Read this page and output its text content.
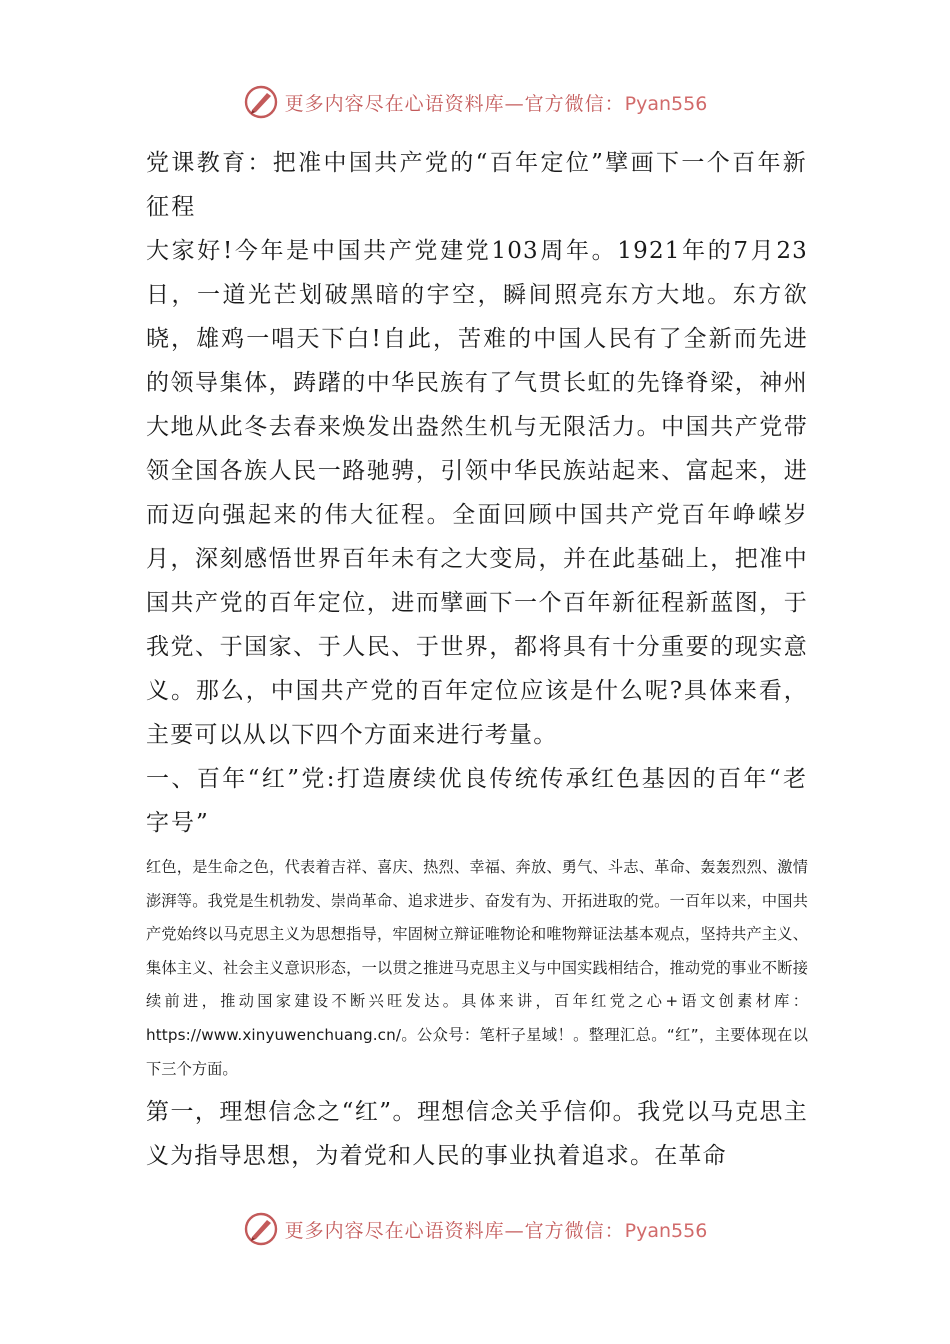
更多内容尽在心语资料库—官方微信：Pyan556

党课教育：把准中国共产党的“百年定位”擘画下一个百年新征程

大家好!今年是中国共产党建党103周年。1921年的7月23日，一道光芒划破黑暗的宇空，瞬间照亮东方大地。东方欲晓，雄鸡一唱天下白!自此，苦难的中国人民有了全新而先进的领导集体，踌躇的中华民族有了气贯长虹的先锋脊梁，神州大地从此冬去春来焕发出盎然生机与无限活力。中国共产党带领全国各族人民一路驰骋，引领中华民族站起来、富起来，进而迈向强起来的伟大征程。全面回顾中国共产党百年峥嵘岁月，深刻感悟世界百年未有之大变局，并在此基础上，把准中国共产党的百年定位，进而擘画下一个百年新征程新蓝图，于我党、于国家、于人民、于世界，都将具有十分重要的现实意义。那么，中国共产党的百年定位应该是什么呢?具体来看，主要可以从以下四个方面来进行考量。

一、百年“红”党:打造赓续优良传统传承红色基因的百年“老字号”

红色，是生命之色，代表着吉祥、喜庆、热烈、幸福、奔放、勇气、斗志、革命、轰轰烈烈、激情澎湃等。我党是生机勃发、崇尚革命、追求进步、奋发有为、开拓进取的党。一百年以来，中国共产党始终以马克思主义为思想指导，牢固树立辩证唯物论和唯物辩证法基本观点，坚持共产主义、集体主义、社会主义意识形态，一以贯之推进马克思主义与中国实践相结合，推动党的事业不断接续前进，推动国家建设不断兴旺发达。具体来讲，百年红党之心+语文创素材库：https://www.xinyuwenchuang.cn/。公众号：笔杆子星域！。整理汇总。“红”，主要体现在以下三个方面。

第一，理想信念之“红”。理想信念关乎信仰。我党以马克思主义为指导思想，为着党和人民的事业执着追求。在革命

更多内容尽在心语资料库—官方微信：Pyan556
